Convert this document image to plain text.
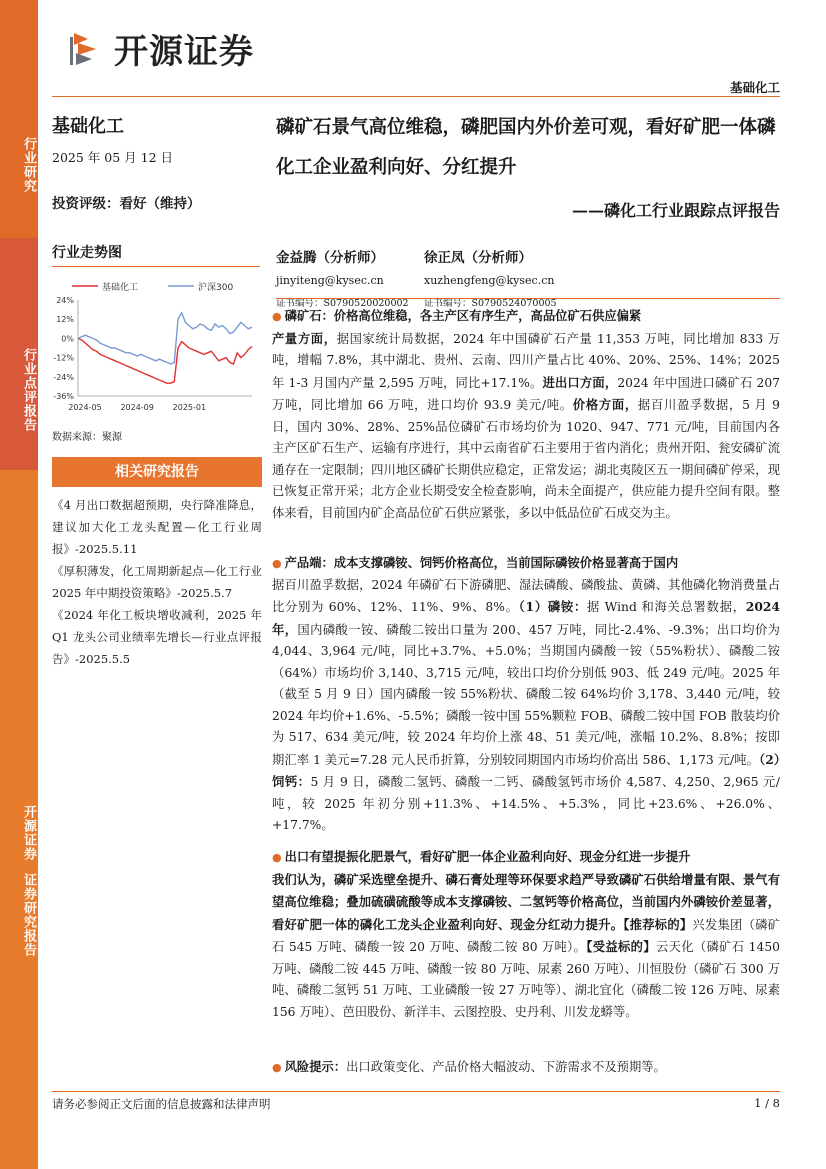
行业研究
行业点评报告
开源证券
证券研究报告
开源证券
基础化工
基础化工
2025 年 05 月 12 日
投资评级：看好（维持）
行业走势图
基础化工	沪深300
24%
12%
0%
-12%
-24%
-36%
2024-05 2024-09 2025-01
数据来源：聚源
相关研究报告
《4 月出口数据超预期，央行降准降息，建议加大化工龙头配置—化工行业周报》-2025.5.11
《厚积薄发，化工周期新起点—化工行业 2025 年中期投资策略》-2025.5.7
《2024 年化工板块增收减利，2025 年 Q1 龙头公司业绩率先增长—行业点评报告》-2025.5.5
磷矿石景气高位维稳，磷肥国内外价差可观，看好矿肥一体磷化工企业盈利向好、分红提升
——磷化工行业跟踪点评报告
金益腾（分析师）
jinyiteng@kysec.cn
证书编号：S0790520020002
徐正凤（分析师）
xuzhengfeng@kysec.cn
证书编号：S0790524070005
● 磷矿石：价格高位维稳，各主产区有序生产，高品位矿石供应偏紧
产量方面，据国家统计局数据，2024 年中国磷矿石产量 11,353 万吨，同比增加 833 万吨，增幅 7.8%，其中湖北、贵州、云南、四川产量占比 40%、20%、25%、14%；2025 年 1-3 月国内产量 2,595 万吨，同比+17.1%。进出口方面，2024 年中国进口磷矿石 207 万吨，同比增加 66 万吨，进口均价 93.9 美元/吨。价格方面，据百川盈孚数据，5 月 9 日，国内 30%、28%、25%品位磷矿石市场均价为 1020、947、771 元/吨，目前国内各主产区矿石生产、运输有序进行，其中云南省矿石主要用于省内消化；贵州开阳、瓮安磷矿流通存在一定限制；四川地区磷矿长期供应稳定，正常发运；湖北夷陵区五一期间磷矿停采，现已恢复正常开采；北方企业长期受安全检查影响，尚未全面提产，供应能力提升空间有限。整体来看，目前国内矿企高品位矿石供应紧张，多以中低品位矿石成交为主。
● 产品端：成本支撑磷铵、饲钙价格高位，当前国际磷铵价格显著高于国内
据百川盈孚数据，2024 年磷矿石下游磷肥、湿法磷酸、磷酸盐、黄磷、其他磷化物消费量占比分别为 60%、12%、11%、9%、8%。（1）磷铵：据 Wind 和海关总署数据，2024 年，国内磷酸一铵、磷酸二铵出口量为 200、457 万吨，同比-2.4%、-9.3%；出口均价为 4,044、3,964 元/吨，同比+3.7%、+5.0%；当期国内磷酸一铵（55%粉状）、磷酸二铵（64%）市场均价 3,140、3,715 元/吨，较出口均价分别低 903、低 249 元/吨。2025 年（截至 5 月 9 日）国内磷酸一铵 55%粉状、磷酸二铵 64%均价 3,178、3,440 元/吨，较 2024 年均价+1.6%、-5.5%；磷酸一铵中国 55%颗粒 FOB、磷酸二铵中国 FOB 散装均价为 517、634 美元/吨，较 2024 年均价上涨 48、51 美元/吨，涨幅 10.2%、8.8%；按即期汇率 1 美元=7.28 元人民币折算，分别较同期国内市场均价高出 586、1,173 元/吨。（2）饲钙：5 月 9 日，磷酸二氢钙、磷酸一二钙、磷酸氢钙市场价 4,587、4,250、2,965 元/吨，较 2025 年初分别+11.3%、+14.5%、+5.3%，同比+23.6%、+26.0%、+17.7%。
● 出口有望提振化肥景气，看好矿肥一体企业盈利向好、现金分红进一步提升
我们认为，磷矿采选壁垒提升、磷石膏处理等环保要求趋严导致磷矿石供给增量有限、景气有望高位维稳；叠加硫磺硫酸等成本支撑磷铵、二氢钙等价格高位，当前国内外磷铵价差显著，看好矿肥一体的磷化工龙头企业盈利向好、现金分红动力提升。【推荐标的】兴发集团（磷矿石 545 万吨、磷酸一铵 20 万吨、磷酸二铵 80 万吨）。【受益标的】云天化（磷矿石 1450 万吨、磷酸二铵 445 万吨、磷酸一铵 80 万吨、尿素 260 万吨）、川恒股份（磷矿石 300 万吨、磷酸二氢钙 51 万吨、工业磷酸一铵 27 万吨等）、湖北宜化（磷酸二铵 126 万吨、尿素 156 万吨）、芭田股份、新洋丰、云图控股、史丹利、川发龙蟒等。
● 风险提示：出口政策变化、产品价格大幅波动、下游需求不及预期等。
请务必参阅正文后面的信息披露和法律声明	1 / 8
